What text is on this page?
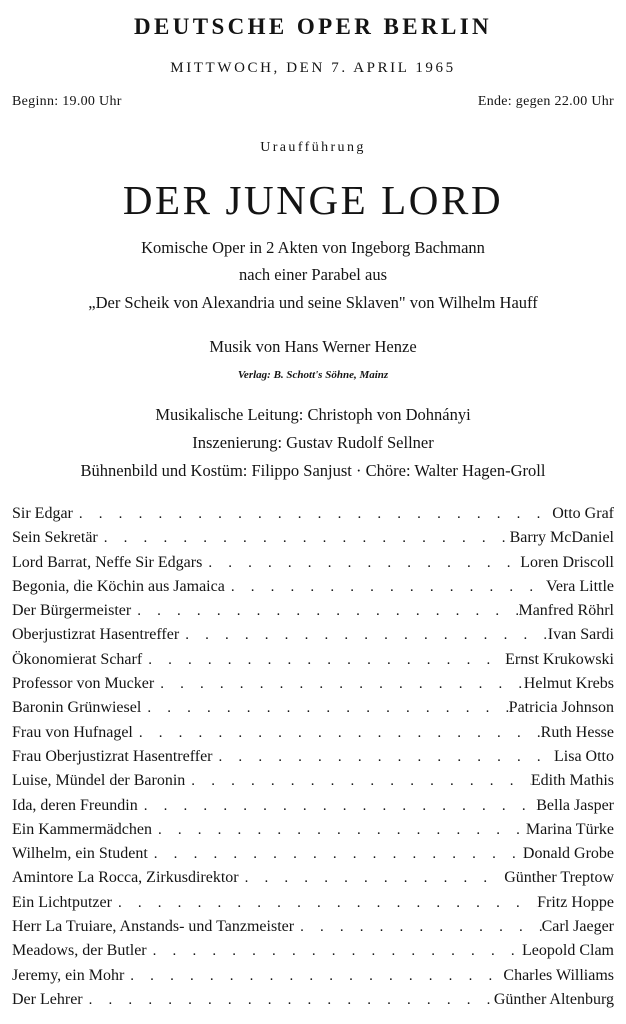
DEUTSCHE OPER BERLIN
MITTWOCH, DEN 7. APRIL 1965
Beginn: 19.00 Uhr	Ende: gegen 22.00 Uhr
Uraufführung
DER JUNGE LORD
Komische Oper in 2 Akten von Ingeborg Bachmann
nach einer Parabel aus
„Der Scheik von Alexandria und seine Sklaven" von Wilhelm Hauff
Musik von Hans Werner Henze
Verlag: B. Schott's Söhne, Mainz
Musikalische Leitung: Christoph von Dohnányi
Inszenierung: Gustav Rudolf Sellner
Bühnenbild und Kostüm: Filippo Sanjust · Chöre: Walter Hagen-Groll
Sir Edgar . . .	Otto Graf
Sein Sekretär . . .	Barry McDaniel
Lord Barrat, Neffe Sir Edgars . . .	Loren Driscoll
Begonia, die Köchin aus Jamaica . . .	Vera Little
Der Bürgermeister . . .	Manfred Röhrl
Oberjustizrat Hasentreffer . . .	Ivan Sardi
Ökonomierat Scharf . . .	Ernst Krukowski
Professor von Mucker . . .	Helmut Krebs
Baronin Grünwiesel . . .	Patricia Johnson
Frau von Hufnagel . . .	Ruth Hesse
Frau Oberjustizrat Hasentreffer . . .	Lisa Otto
Luise, Mündel der Baronin . . .	Edith Mathis
Ida, deren Freundin . . .	Bella Jasper
Ein Kammermädchen . . .	Marina Türke
Wilhelm, ein Student . . .	Donald Grobe
Amintore La Rocca, Zirkusdirektor . . .	Günther Treptow
Ein Lichtputzer . . .	Fritz Hoppe
Herr La Truiare, Anstands- und Tanzmeister . . .	Carl Jaeger
Meadows, der Butler . . .	Leopold Clam
Jeremy, ein Mohr . . .	Charles Williams
Der Lehrer . . .	Günther Altenburg
